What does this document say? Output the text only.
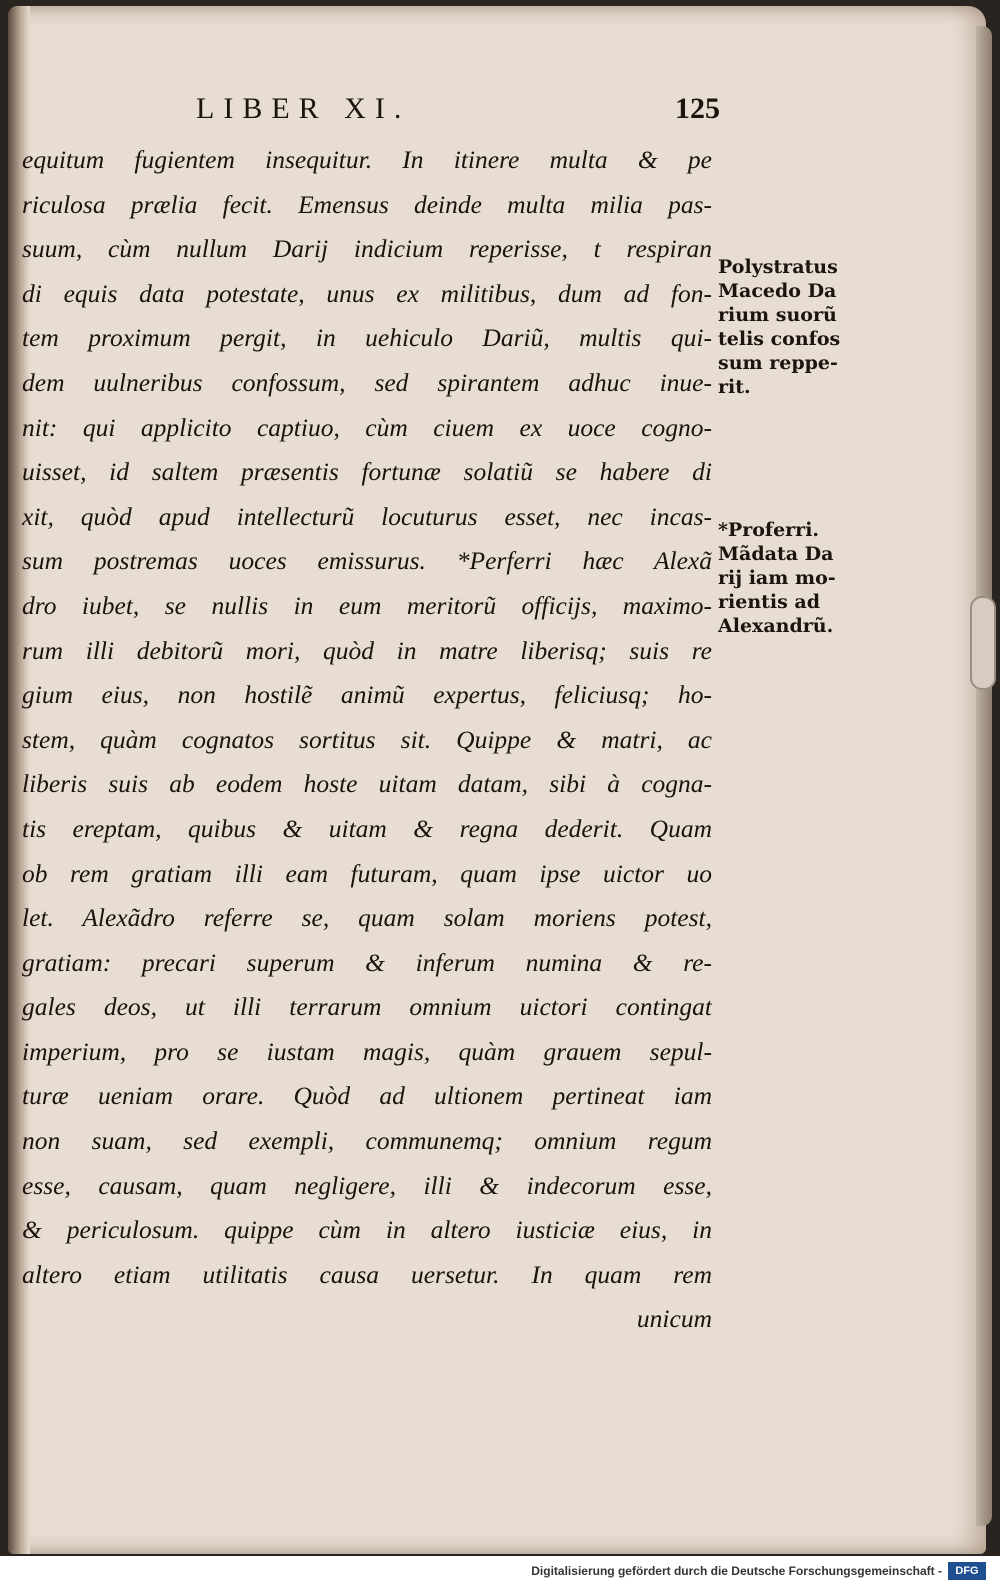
LIBER XI.	125
equitum fugientem insequitur. In itinere multa & pe
riculosa prælia fecit. Emensus deinde multa milia pas-
suum, cùm nullum Darij indicium reperisse, t respiran
di equis data potestate, unus ex militibus, dum ad fon-
tem proximum pergit, in uehiculo Dariũ, multis qui-
dem uulneribus confossum, sed spirantem adhuc inue-
nit: qui applicito captiuo, cùm ciuem ex uoce cogno-
uisset, id saltem præsentis fortunæ solatiũ se habere di
xit, quòd apud intellecturũ locuturus esset, nec incas-
sum postremas uoces emissurus. *Perferri hæc Alexã
dro iubet, se nullis in eum meritorũ officijs, maximo-
rum illi debitorũ mori, quòd in matre liberisq; suis re
gium eius, non hostilẽ animũ expertus, feliciusq; ho-
stem, quàm cognatos sortitus sit. Quippe & matri, ac
liberis suis ab eodem hoste uitam datam, sibi à cogna-
tis ereptam, quibus & uitam & regna dederit. Quam
ob rem gratiam illi eam futuram, quam ipse uictor uo
let. Alexãdro referre se, quam solam moriens potest,
gratiam: precari superum & inferum numina & re-
gales deos, ut illi terrarum omnium uictori contingat
imperium, pro se iustam magis, quàm grauem sepul-
turæ ueniam orare. Quòd ad ultionem pertineat iam
non suam, sed exempli, communemq; omnium regum
esse, causam, quam negligere, illi & indecorum esse,
& periculosum. quippe cùm in altero iusticiæ eius, in
altero etiam utilitatis causa uersetur. In quam rem
unicum
Polystratus
Macedo Da
rium suorũ
telis confos
sum reppe-
rit.
*Proferri.
Mãdata Da
rij iam mo-
rientis ad
Alexandrũ.
Digitalisierung gefördert durch die Deutsche Forschungsgemeinschaft -	DFG
